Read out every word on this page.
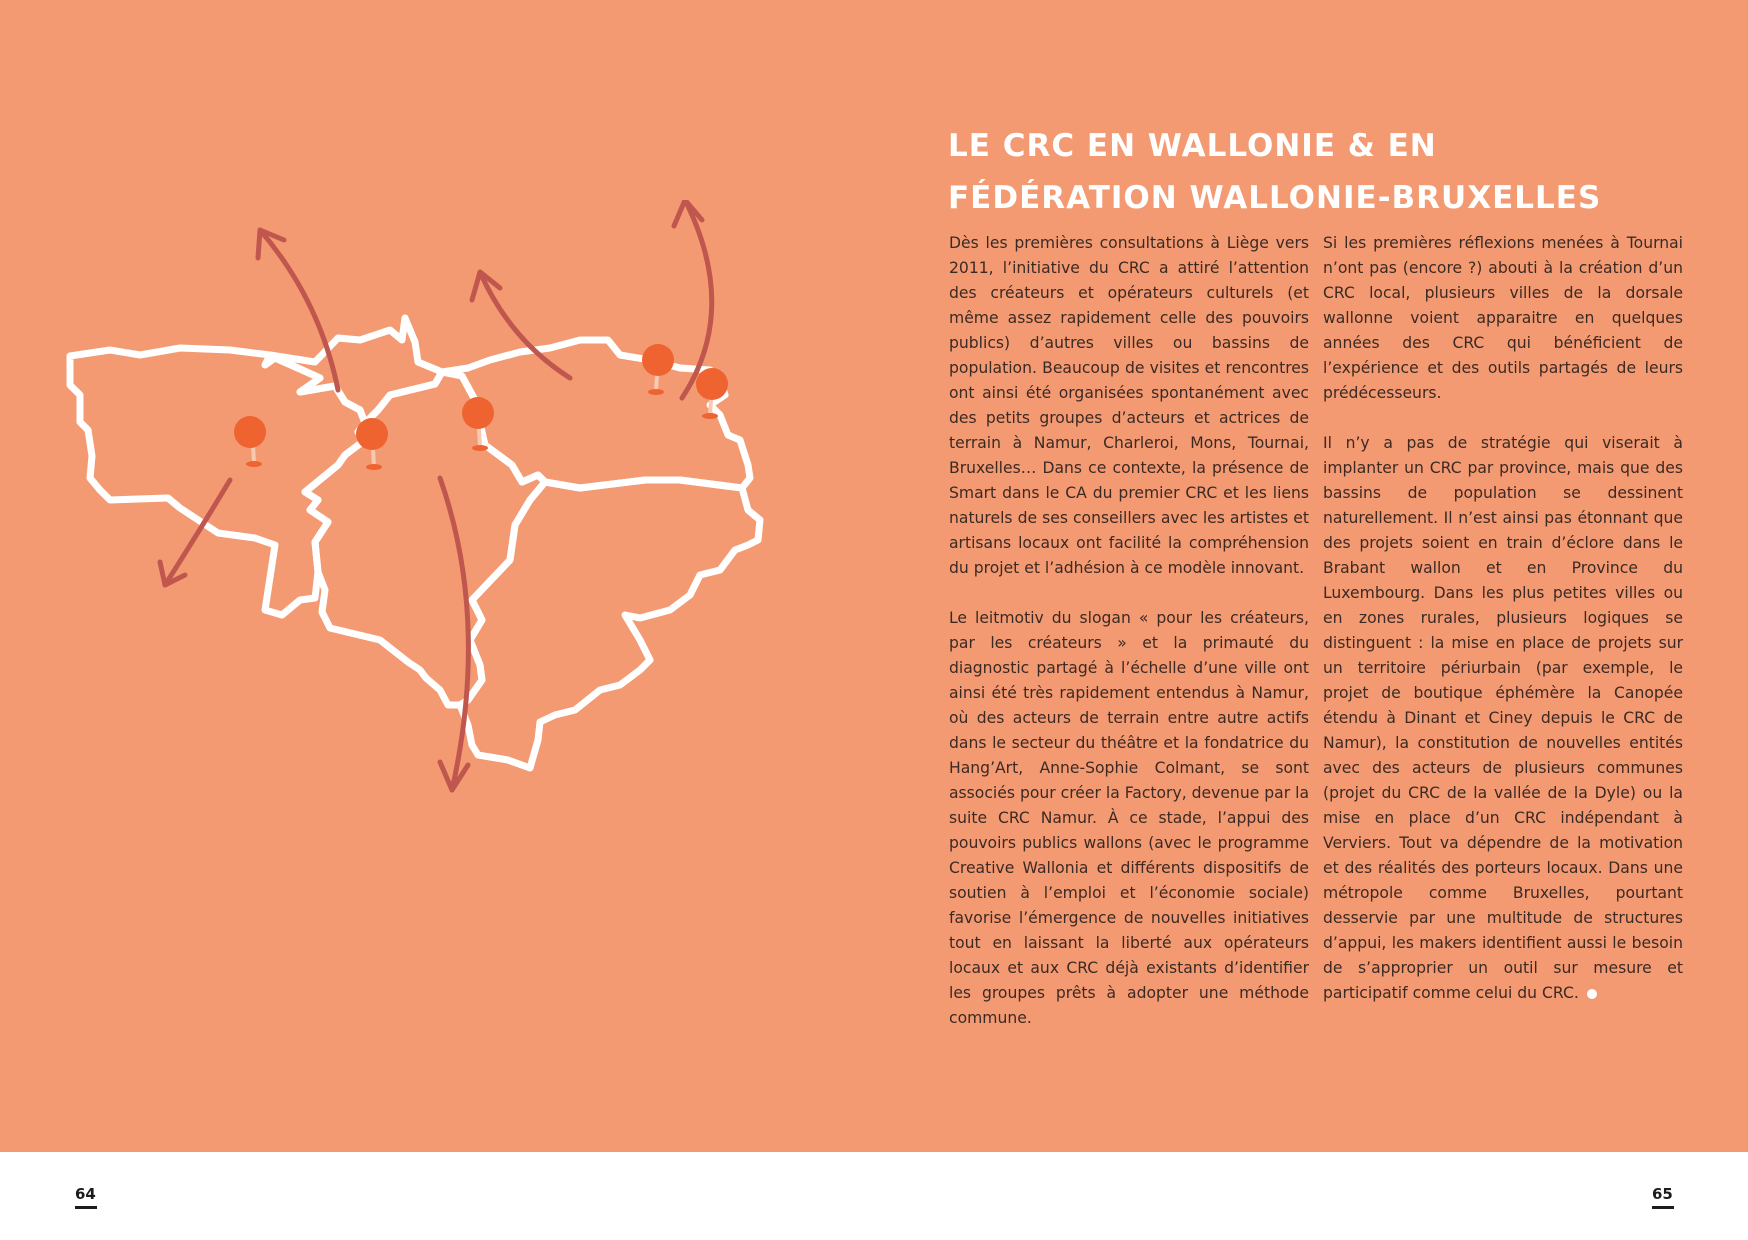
LE CRC EN WALLONIE & EN
FÉDÉRATION WALLONIE-BRUXELLES

Dès les premières consultations à Liège vers 2011, l’initiative du CRC a attiré l’attention des créateurs et opérateurs culturels (et même assez rapidement celle des pouvoirs publics) d’autres villes ou bassins de population. Beaucoup de visites et rencontres ont ainsi été organisées spontanément avec des petits groupes d’acteurs et actrices de terrain à Namur, Charleroi, Mons, Tournai, Bruxelles… Dans ce contexte, la présence de Smart dans le CA du premier CRC et les liens naturels de ses conseillers avec les artistes et artisans locaux ont facilité la compréhension du projet et l’adhésion à ce modèle innovant.

Le leitmotiv du slogan « pour les créateurs, par les créateurs » et la primauté du diagnostic partagé à l’échelle d’une ville ont ainsi été très rapidement entendus à Namur, où des acteurs de terrain entre autre actifs dans le secteur du théâtre et la fondatrice du Hang’Art, Anne-Sophie Colmant, se sont associés pour créer la Factory, devenue par la suite CRC Namur. À ce stade, l’appui des pouvoirs publics wallons (avec le programme Creative Wallonia et différents dispositifs de soutien à l’emploi et l’économie sociale) favorise l’émergence de nouvelles initiatives tout en laissant la liberté aux opérateurs locaux et aux CRC déjà existants d’identifier les groupes prêts à adopter une méthode commune.

Si les premières réflexions menées à Tournai n’ont pas (encore ?) abouti à la création d’un CRC local, plusieurs villes de la dorsale wallonne voient apparaitre en quelques années des CRC qui bénéficient de l’expérience et des outils partagés de leurs prédécesseurs.

Il n’y a pas de stratégie qui viserait à implanter un CRC par province, mais que des bassins de population se dessinent naturellement. Il n’est ainsi pas étonnant que des projets soient en train d’éclore dans le Brabant wallon et en Province du Luxembourg. Dans les plus petites villes ou en zones rurales, plusieurs logiques se distinguent : la mise en place de projets sur un territoire périurbain (par exemple, le projet de boutique éphémère la Canopée étendu à Dinant et Ciney depuis le CRC de Namur), la constitution de nouvelles entités avec des acteurs de plusieurs communes (projet du CRC de la vallée de la Dyle) ou la mise en place d’un CRC indépendant à Verviers. Tout va dépendre de la motivation et des réalités des porteurs locaux. Dans une métropole comme Bruxelles, pourtant desservie par une multitude de structures d’appui, les makers identifient aussi le besoin de s’approprier un outil sur mesure et participatif comme celui du CRC.

64	65
